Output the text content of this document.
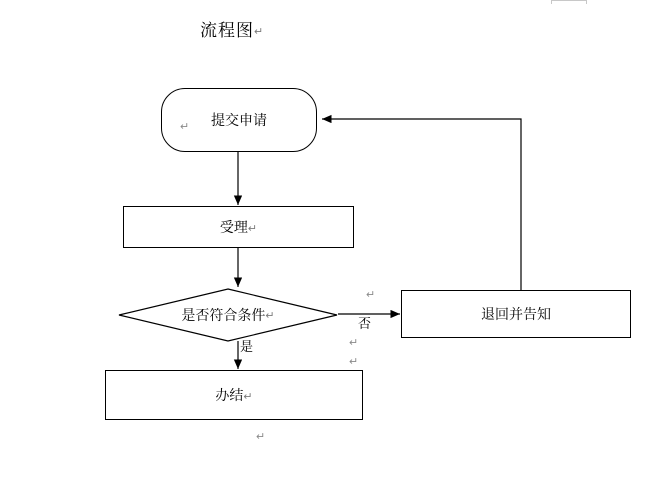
流程图↵
提交申请
↵
受理↵
是否符合条件 ↵
办结↵
退回并告知
是
否
↵
↵
↵
↵
